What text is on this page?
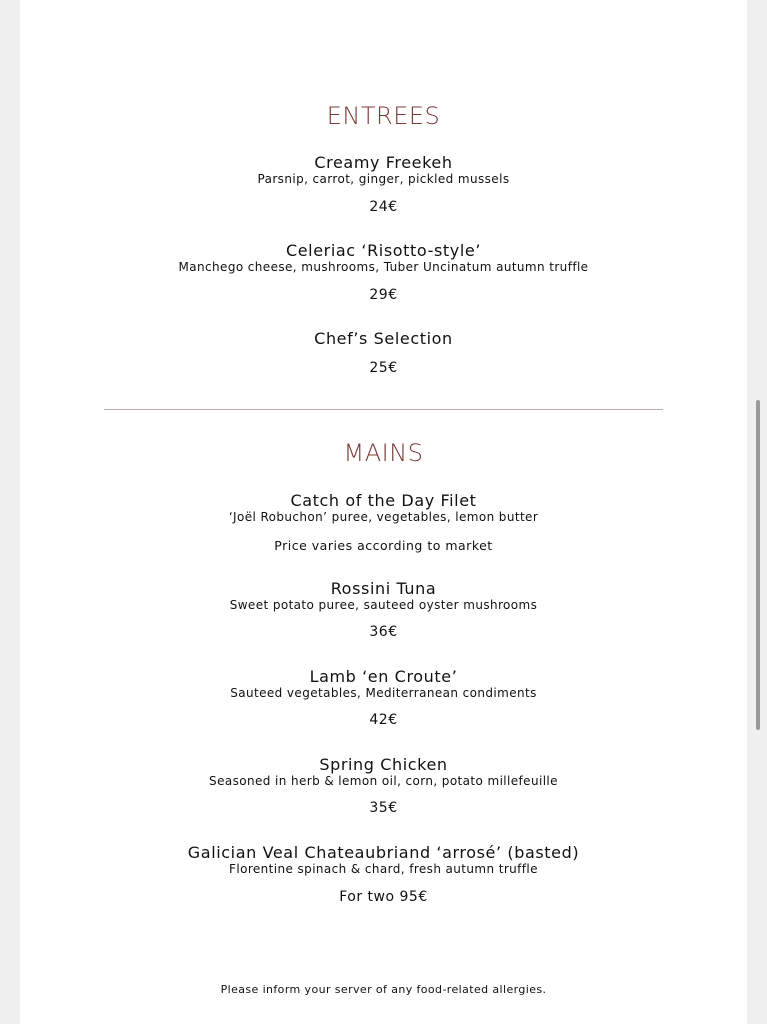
ENTREES
Creamy Freekeh
Parsnip, carrot, ginger, pickled mussels
24€
Celeriac ‘Risotto-style’
Manchego cheese, mushrooms, Tuber Uncinatum autumn truffle
29€
Chef’s Selection
25€
MAINS
Catch of the Day Filet
‘Joël Robuchon’ puree, vegetables, lemon butter
Price varies according to market
Rossini Tuna
Sweet potato puree, sauteed oyster mushrooms
36€
Lamb ‘en Croute’
Sauteed vegetables, Mediterranean condiments
42€
Spring Chicken
Seasoned in herb & lemon oil, corn, potato millefeuille
35€
Galician Veal Chateaubriand ‘arrosé’ (basted)
Florentine spinach & chard, fresh autumn truffle
For two 95€
Please inform your server of any food-related allergies.
